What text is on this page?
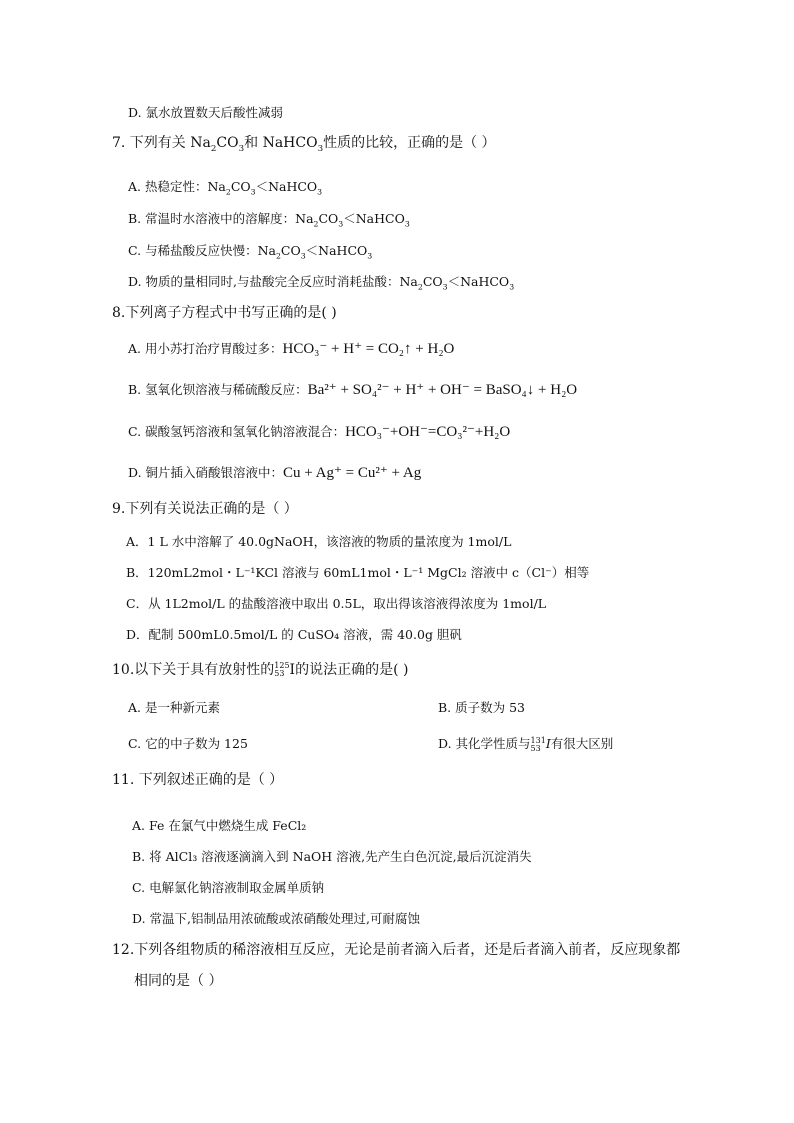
D. 氯水放置数天后酸性减弱
7. 下列有关 $Na_2CO_3$和 NaHCO$_3$性质的比较，正确的是（ ）
A. 热稳定性：$Na_2CO_3<NaHCO_3$
B. 常温时水溶液中的溶解度：$Na_2CO_3<NaHCO_3$
C. 与稀盐酸反应快慢：$Na_2CO_3<NaHCO_3$
D. 物质的量相同时,与盐酸完全反应时消耗盐酸：$Na_2CO_3<NaHCO_3$
8.下列离子方程式中书写正确的是( )
A. 用小苏打治疗胃酸过多：HCO₃⁻ + H⁺ = CO₂↑ + H₂O
B. 氢氧化钡溶液与稀硫酸反应：Ba²⁺ + SO₄²⁻ + H⁺ + OH⁻ = BaSO₄↓ + H₂O
C. 碳酸氢钙溶液和氢氧化钠溶液混合：HCO₃⁻+OH⁻=CO₃²⁻+H₂O
D. 铜片插入硝酸银溶液中：Cu + Ag⁺ = Cu²⁺ + Ag
9.下列有关说法正确的是（ ）
A．1 L 水中溶解了 40.0gNaOH，该溶液的物质的量浓度为 1mol/L
B．120mL2mol・L⁻¹KCl 溶液与 60mL1mol・L⁻¹ MgCl₂ 溶液中 c（Cl⁻）相等
C．从 1L2mol/L 的盐酸溶液中取出 0.5L，取出得该溶液得浓度为 1mol/L
D．配制 500mL0.5mol/L 的 CuSO₄ 溶液，需 40.0g 胆矾
10.以下关于具有放射性的 125
53 I的说法正确的是( )
A. 是一种新元素	B. 质子数为 53
C. 它的中子数为 125	D. 其化学性质与 131
53 I有很大区别
11. 下列叙述正确的是（ ）
A. Fe 在氯气中燃烧生成 FeCl₂
B. 将 AlCl₃ 溶液逐滴滴入到 NaOH 溶液,先产生白色沉淀,最后沉淀消失
C. 电解氯化钠溶液制取金属单质钠
D. 常温下,铝制品用浓硫酸或浓硝酸处理过,可耐腐蚀
12.下列各组物质的稀溶液相互反应，无论是前者滴入后者，还是后者滴入前者，反应现象都
相同的是（ ）
